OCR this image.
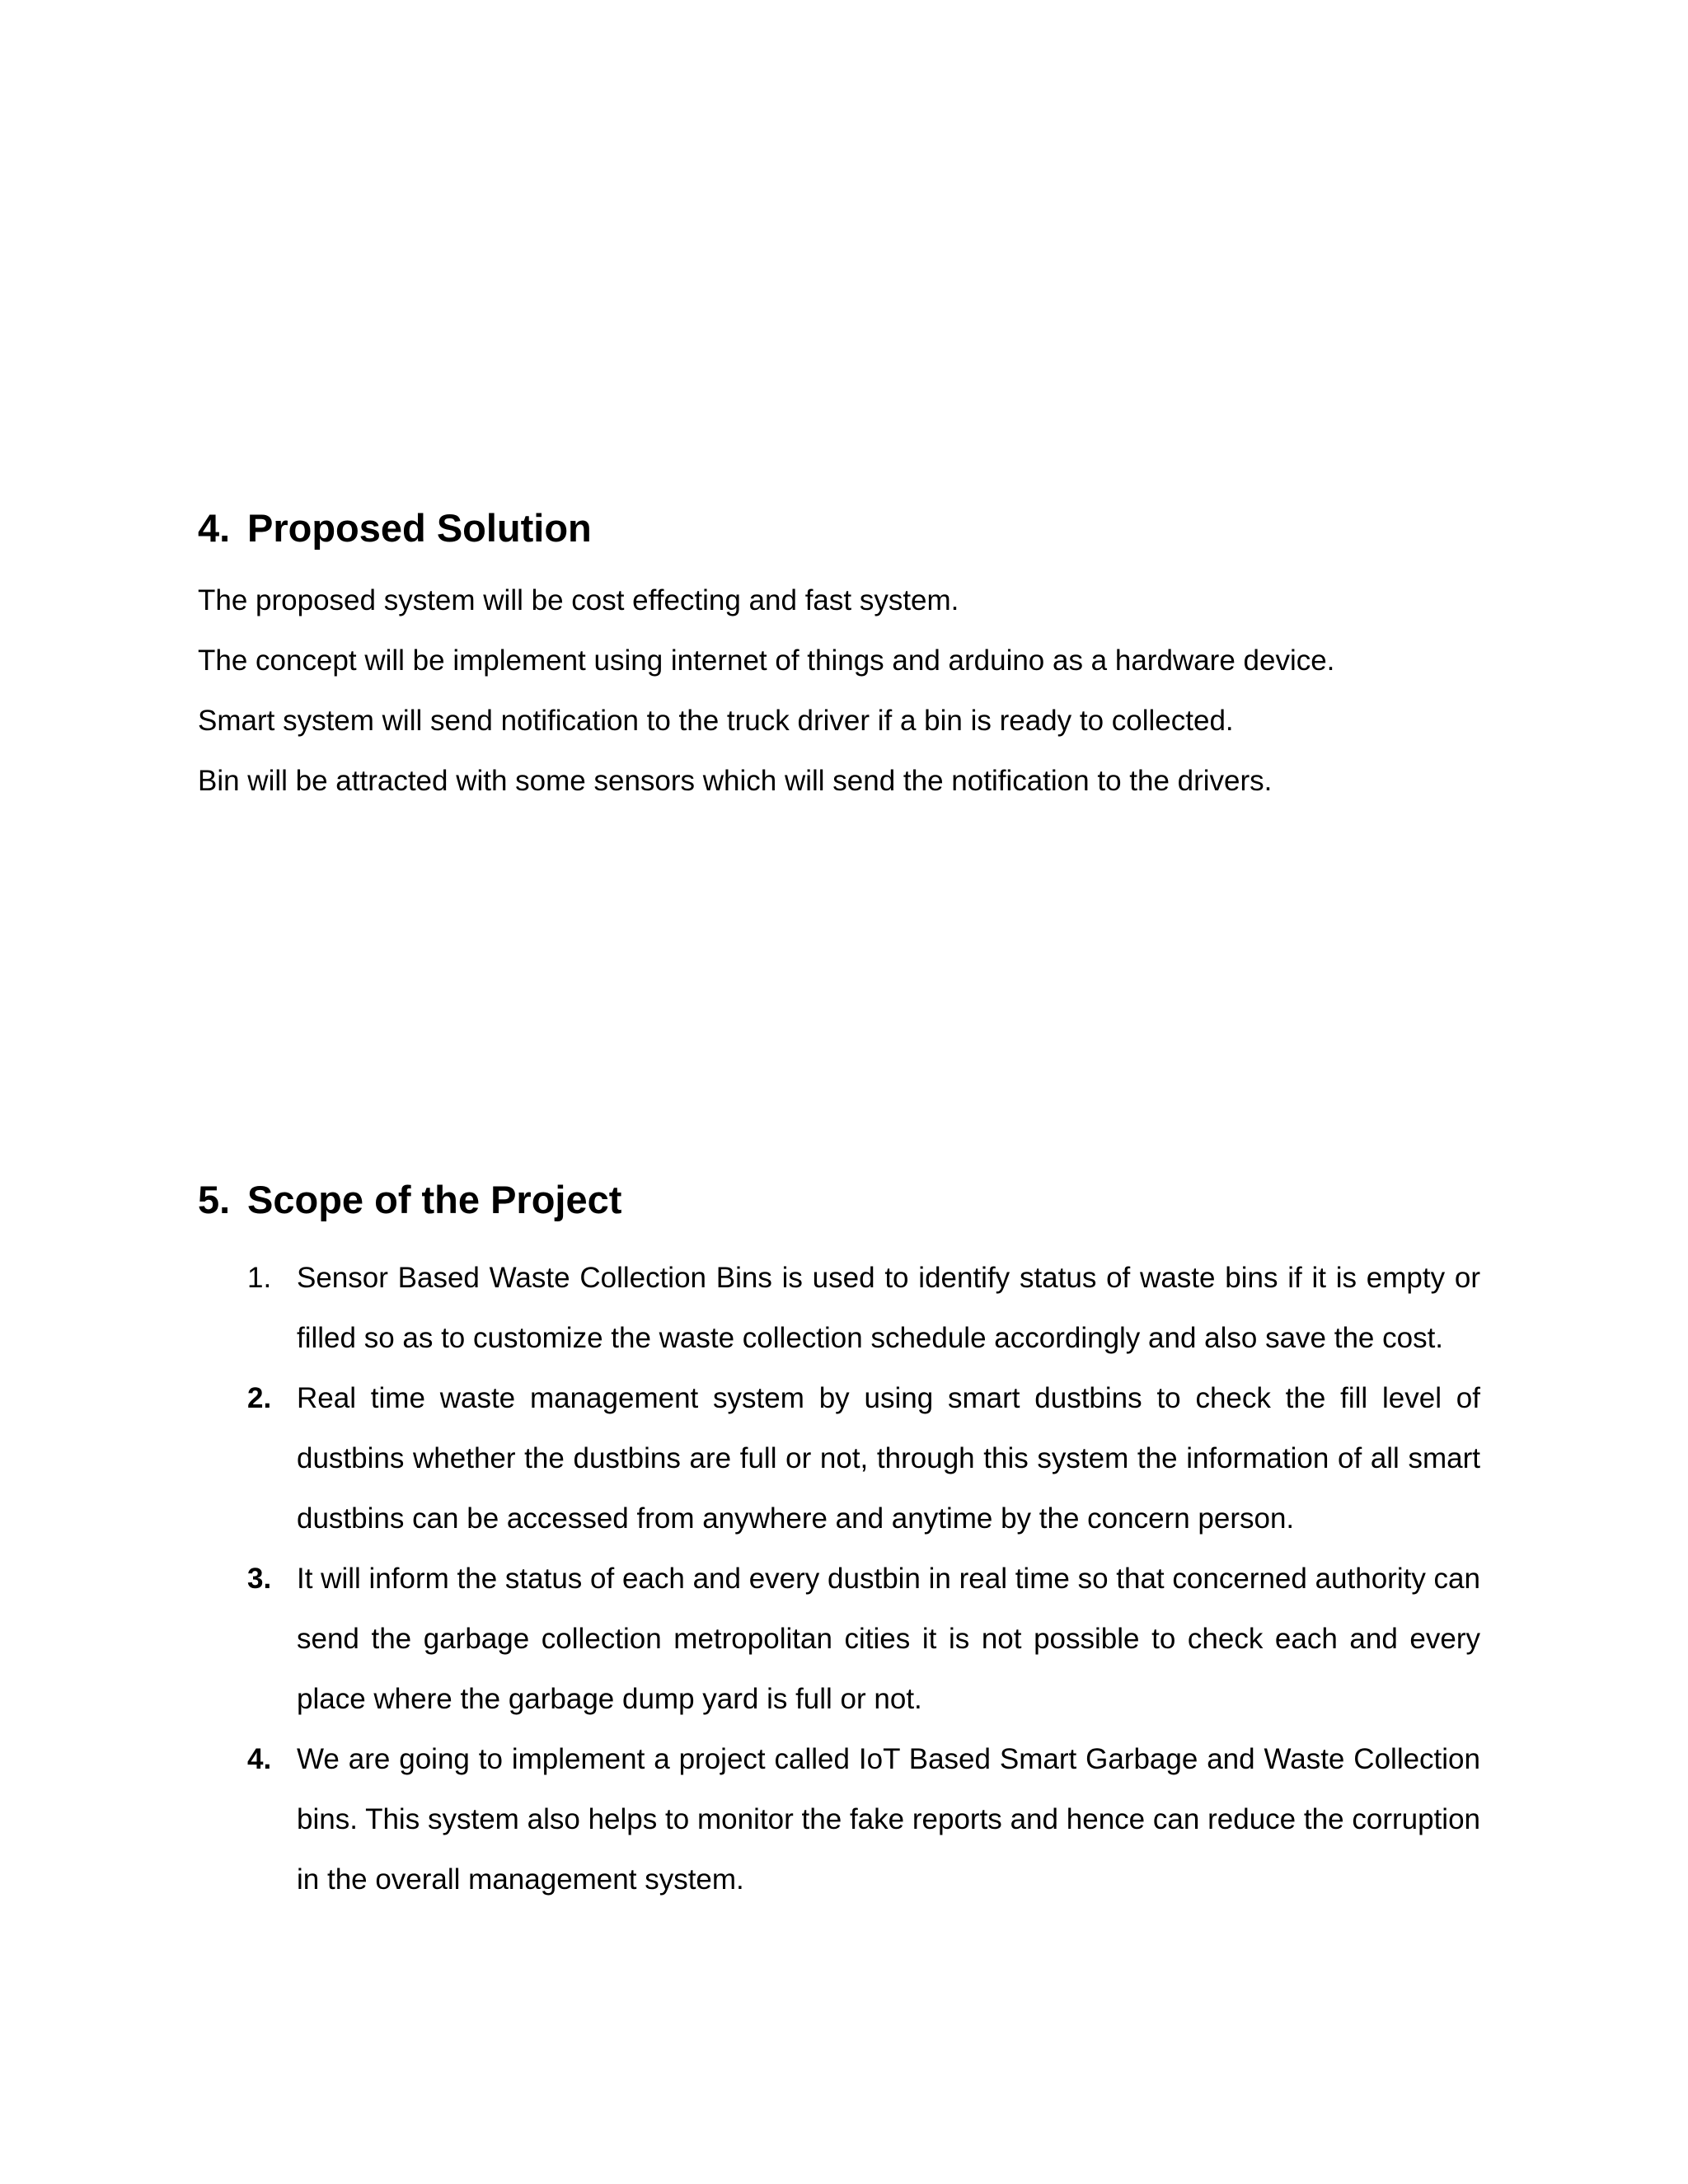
4. Proposed Solution
The proposed system will be cost effecting and fast system.
The concept will be implement using internet of things and arduino as a hardware device.
Smart system will send notification to the truck driver if a bin is ready to collected.
Bin will be attracted with some sensors which will send the notification to the drivers.
5. Scope of the Project
1. Sensor Based Waste Collection Bins is used to identify status of waste bins if it is empty or filled so as to customize the waste collection schedule accordingly and also save the cost.
2. Real time waste management system by using smart dustbins to check the fill level of dustbins whether the dustbins are full or not, through this system the information of all smart dustbins can be accessed from anywhere and anytime by the concern person.
3. It will inform the status of each and every dustbin in real time so that concerned authority can send the garbage collection metropolitan cities it is not possible to check each and every place where the garbage dump yard is full or not.
4. We are going to implement a project called IoT Based Smart Garbage and Waste Collection bins. This system also helps to monitor the fake reports and hence can reduce the corruption in the overall management system.
